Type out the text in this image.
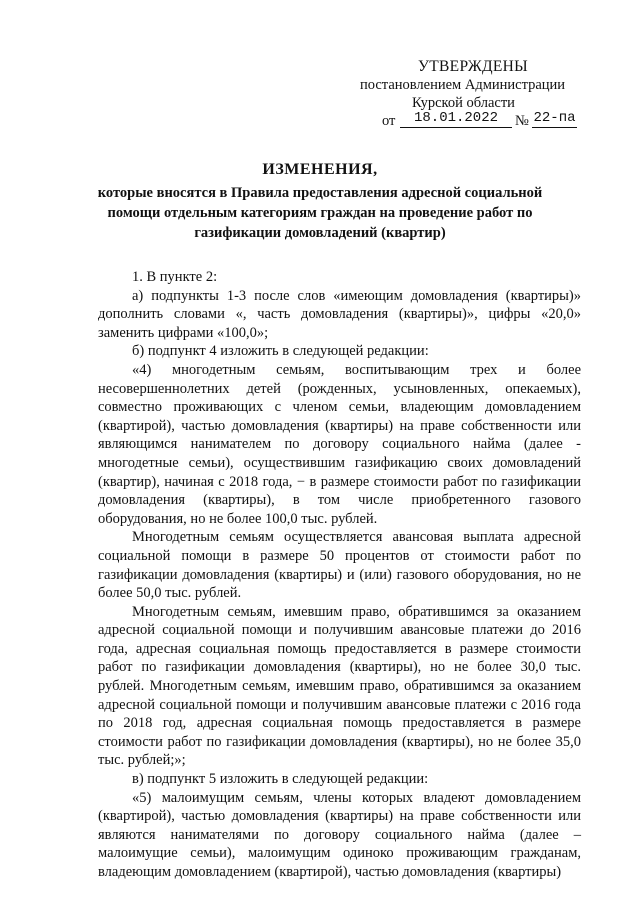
УТВЕРЖДЕНЫ
постановлением Администрации
Курской области
от	18.01.2022	№ 22-па
ИЗМЕНЕНИЯ,
которые вносятся в Правила предоставления адресной социальной
помощи отдельным категориям граждан на проведение работ по
газификации домовладений (квартир)

1. В пункте 2:

а) подпункты 1-3 после слов «имеющим домовладения (квартиры)» дополнить словами «, часть домовладения (квартиры)», цифры «20,0» заменить цифрами «100,0»;

б) подпункт 4 изложить в следующей редакции:

«4) многодетным семьям, воспитывающим трех и более несовершеннолетних детей (рожденных, усыновленных, опекаемых), совместно проживающих с членом семьи, владеющим домовладением (квартирой), частью домовладения (квартиры) на праве собственности или являющимся нанимателем по договору социального найма (далее - многодетные семьи), осуществившим газификацию своих домовладений (квартир), начиная с 2018 года, − в размере стоимости работ по газификации домовладения (квартиры), в том числе приобретенного газового оборудования, но не более 100,0 тыс. рублей.

Многодетным семьям осуществляется авансовая выплата адресной социальной помощи в размере 50 процентов от стоимости работ по газификации домовладения (квартиры) и (или) газового оборудования, но не более 50,0 тыс. рублей.

Многодетным семьям, имевшим право, обратившимся за оказанием адресной социальной помощи и получившим авансовые платежи до 2016 года, адресная социальная помощь предоставляется в размере стоимости работ по газификации домовладения (квартиры), но не более 30,0 тыс. рублей. Многодетным семьям, имевшим право, обратившимся за оказанием адресной социальной помощи и получившим авансовые платежи с 2016 года по 2018 год, адресная социальная помощь предоставляется в размере стоимости работ по газификации домовладения (квартиры), но не более 35,0 тыс. рублей;»;

в) подпункт 5 изложить в следующей редакции:

«5) малоимущим семьям, члены которых владеют домовладением (квартирой), частью домовладения (квартиры) на праве собственности или являются нанимателями по договору социального найма (далее – малоимущие семьи), малоимущим одиноко проживающим гражданам, владеющим домовладением (квартирой), частью домовладения (квартиры)
